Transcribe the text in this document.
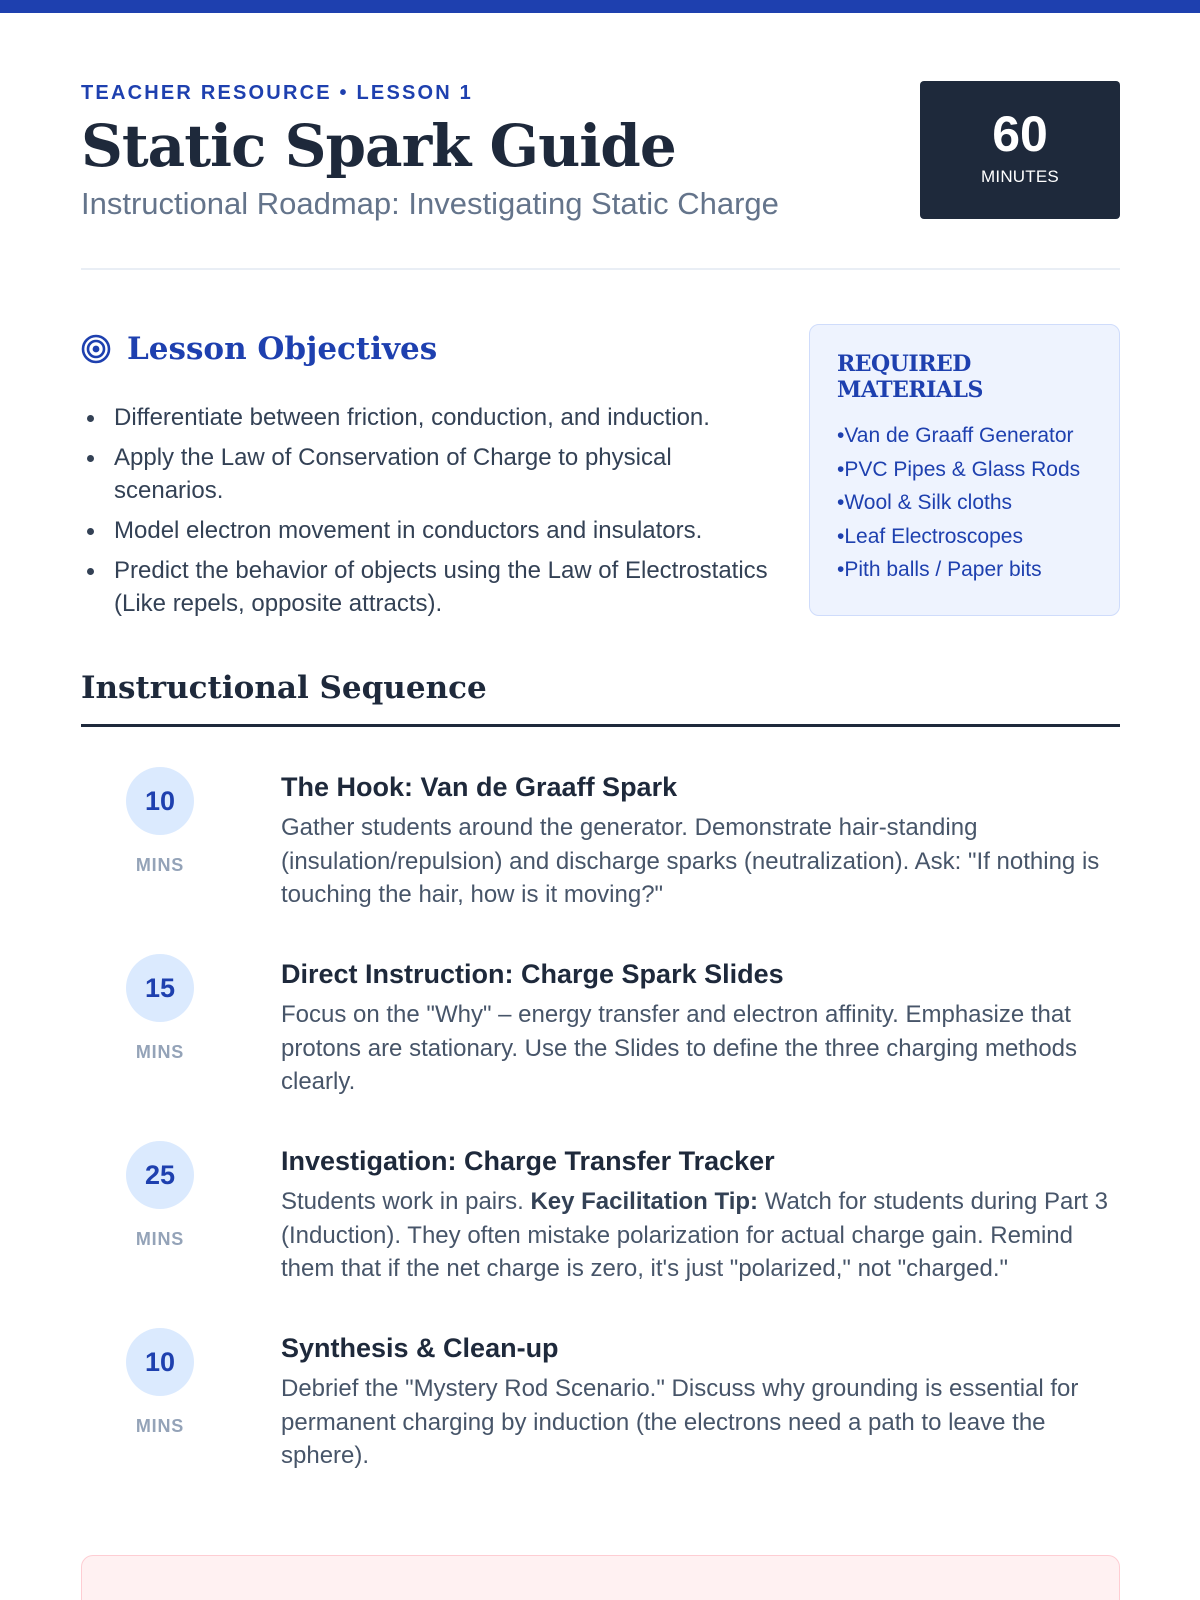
TEACHER RESOURCE • LESSON 1
Static Spark Guide
Instructional Roadmap: Investigating Static Charge
60
MINUTES
Lesson Objectives
Differentiate between friction, conduction, and induction.
Apply the Law of Conservation of Charge to physical scenarios.
Model electron movement in conductors and insulators.
Predict the behavior of objects using the Law of Electrostatics (Like repels, opposite attracts).
REQUIRED MATERIALS
• Van de Graaff Generator
• PVC Pipes & Glass Rods
• Wool & Silk cloths
• Leaf Electroscopes
• Pith balls / Paper bits
Instructional Sequence
10
MINS
The Hook: Van de Graaff Spark

Gather students around the generator. Demonstrate hair-standing (insulation/repulsion) and discharge sparks (neutralization). Ask: "If nothing is touching the hair, how is it moving?"

15
MINS
Direct Instruction: Charge Spark Slides

Focus on the "Why" – energy transfer and electron affinity. Emphasize that protons are stationary. Use the Slides to define the three charging methods clearly.

25
MINS
Investigation: Charge Transfer Tracker

Students work in pairs. Key Facilitation Tip: Watch for students during Part 3 (Induction). They often mistake polarization for actual charge gain. Remind them that if the net charge is zero, it's just "polarized," not "charged."

10
MINS
Synthesis & Clean-up

Debrief the "Mystery Rod Scenario." Discuss why grounding is essential for permanent charging by induction (the electrons need a path to leave the sphere).
